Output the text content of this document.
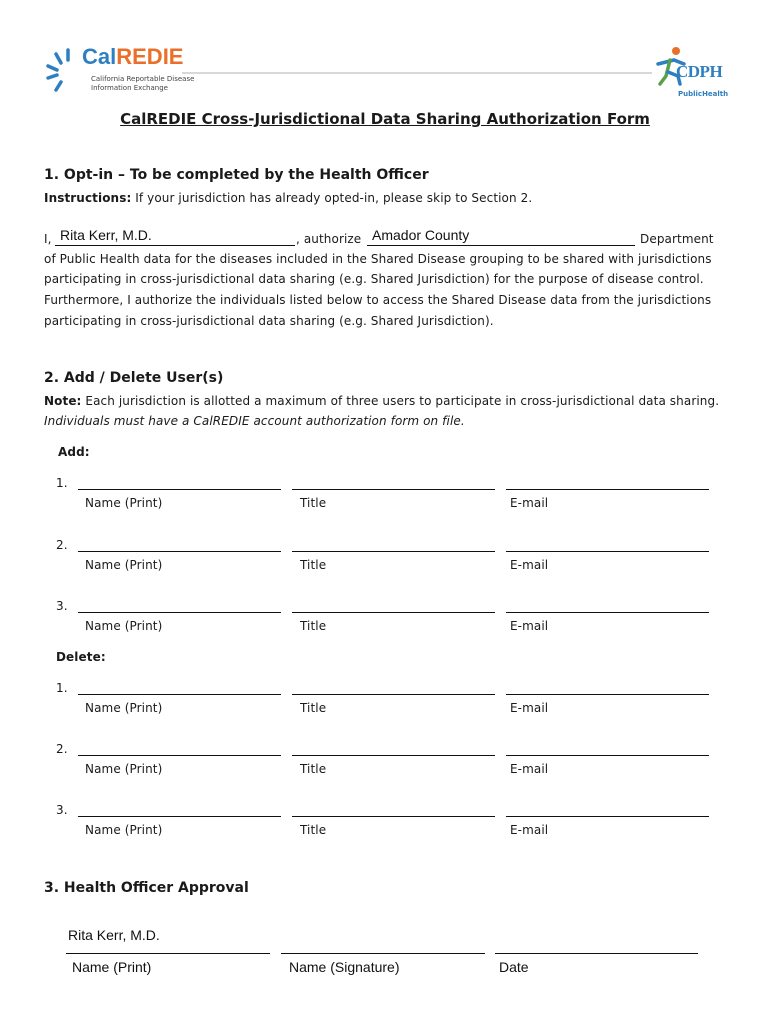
CalREDIE
California Reportable Disease
Information Exchange
CDPH
PublicHealth
CalREDIE Cross-Jurisdictional Data Sharing Authorization Form
1. Opt-in – To be completed by the Health Officer
Instructions: If your jurisdiction has already opted-in, please skip to Section 2.
I, Rita Kerr, M.D.	, authorize Amador County	Department
of Public Health data for the diseases included in the Shared Disease grouping to be shared with jurisdictions
participating in cross-jurisdictional data sharing (e.g. Shared Jurisdiction) for the purpose of disease control.
Furthermore, I authorize the individuals listed below to access the Shared Disease data from the jurisdictions
participating in cross-jurisdictional data sharing (e.g. Shared Jurisdiction).
2. Add / Delete User(s)
Note: Each jurisdiction is allotted a maximum of three users to participate in cross-jurisdictional data sharing.
Individuals must have a CalREDIE account authorization form on file.
Add:
1.
Name (Print)	Title	E-mail
2.
Name (Print)	Title	E-mail
3.
Name (Print)	Title	E-mail
Delete:
1.
Name (Print)	Title	E-mail
2.
Name (Print)	Title	E-mail
3.
Name (Print)	Title	E-mail
3. Health Officer Approval
Rita Kerr, M.D.
Name (Print)	Name (Signature)	Date
